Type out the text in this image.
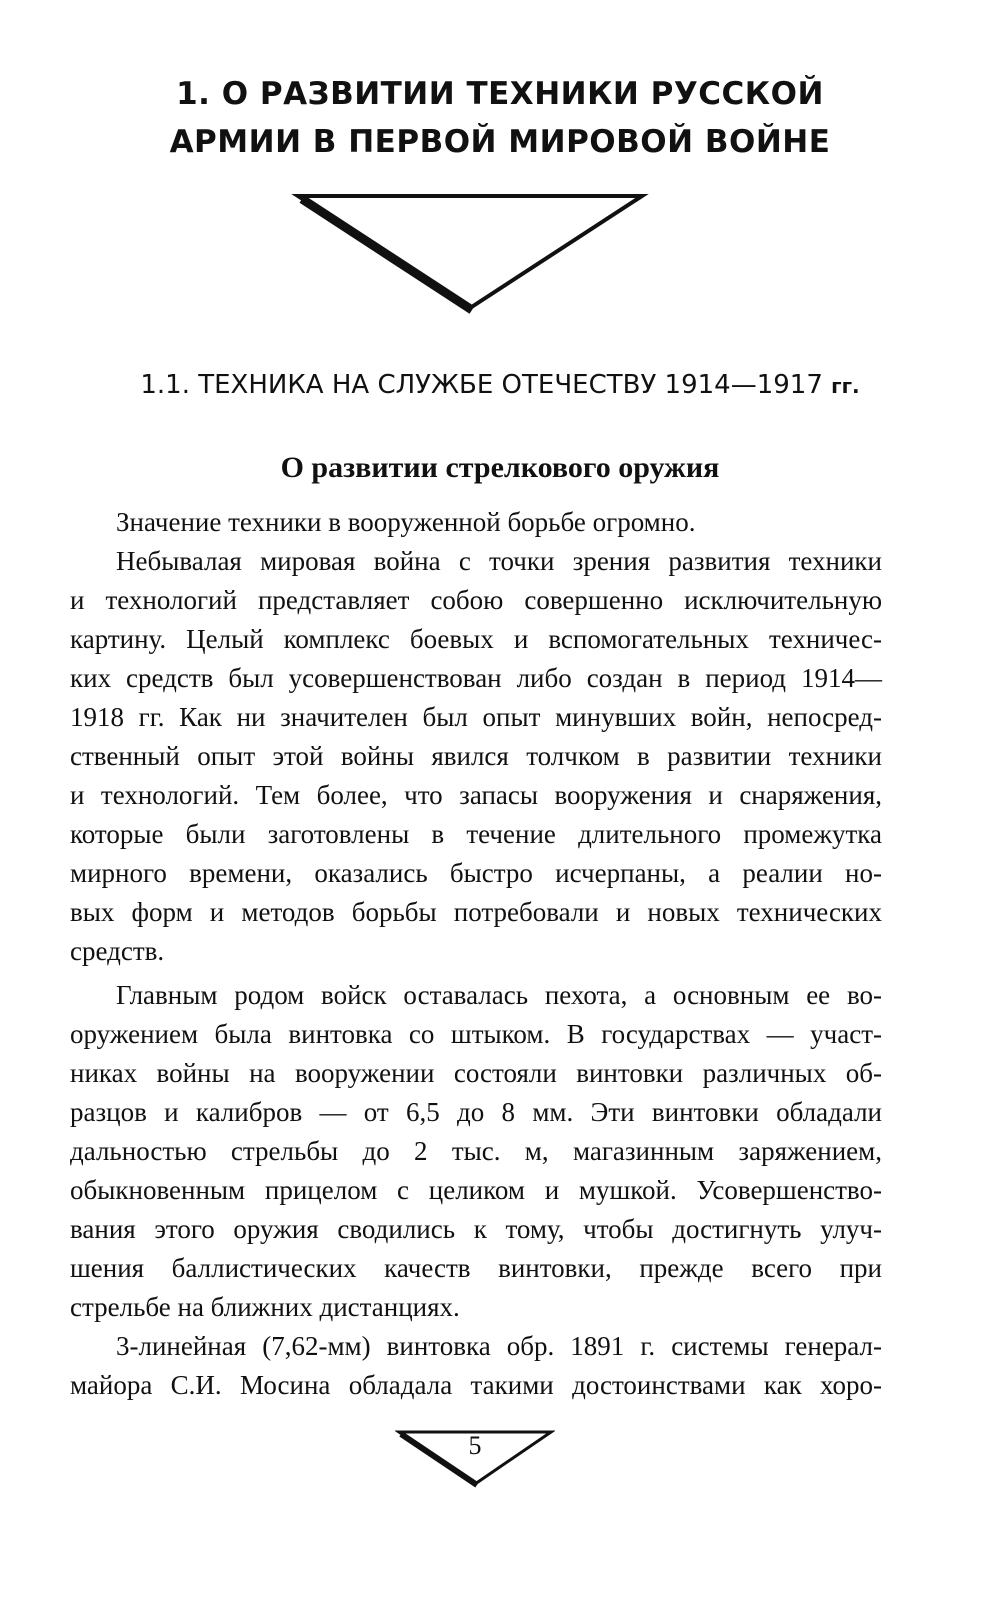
1. О РАЗВИТИИ ТЕХНИКИ РУССКОЙ
АРМИИ В ПЕРВОЙ МИРОВОЙ ВОЙНЕ
1.1. ТЕХНИКА НА СЛУЖБЕ ОТЕЧЕСТВУ 1914—1917 гг.
О развитии стрелкового оружия
Значение техники в вооруженной борьбе огромно.
Небывалая мировая война с точки зрения развития техники
и технологий представляет собою совершенно исключительную
картину. Целый комплекс боевых и вспомогательных техничес-
ких средств был усовершенствован либо создан в период 1914—
1918 гг. Как ни значителен был опыт минувших войн, непосред-
ственный опыт этой войны явился толчком в развитии техники
и технологий. Тем более, что запасы вооружения и снаряжения,
которые были заготовлены в течение длительного промежутка
мирного времени, оказались быстро исчерпаны, а реалии но-
вых форм и методов борьбы потребовали и новых технических
средств.
Главным родом войск оставалась пехота, а основным ее во-
оружением была винтовка со штыком. В государствах — участ-
никах войны на вооружении состояли винтовки различных об-
разцов и калибров — от 6,5 до 8 мм. Эти винтовки обладали
дальностью стрельбы до 2 тыс. м, магазинным заряжением,
обыкновенным прицелом с целиком и мушкой. Усовершенство-
вания этого оружия сводились к тому, чтобы достигнуть улуч-
шения баллистических качеств винтовки, прежде всего при
стрельбе на ближних дистанциях.
3-линейная (7,62-мм) винтовка обр. 1891 г. системы генерал-
майора С.И. Мосина обладала такими достоинствами как хоро-
5
